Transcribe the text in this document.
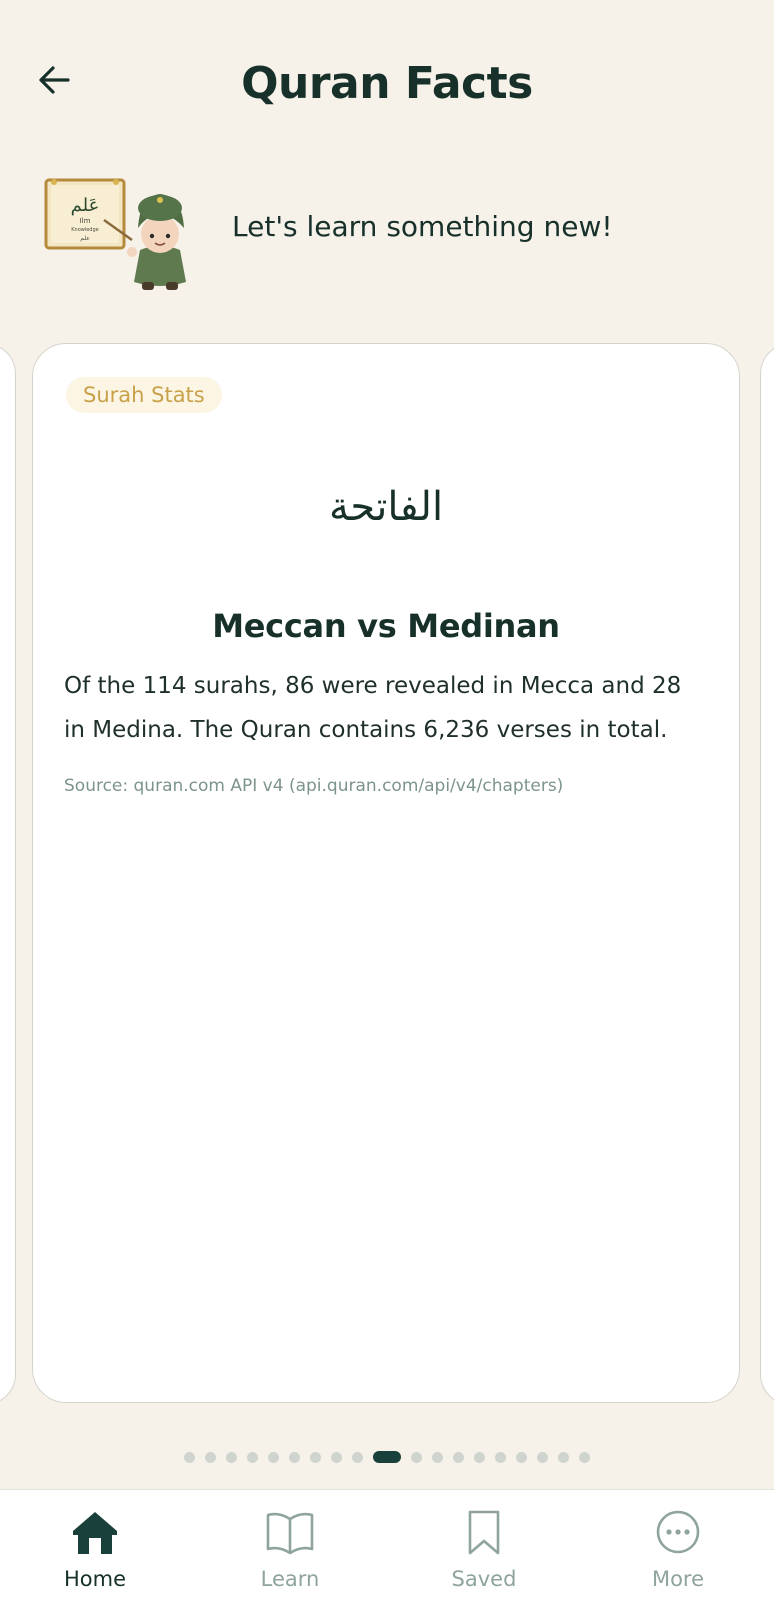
Quran Facts
عَلم
Ilm
Knowledge
علم	Let's learn something new!
Surah Stats
الفاتحة
Meccan vs Medinan
Of the 114 surahs, 86 were revealed in Mecca and 28 in Medina. The Quran contains 6,236 verses in total.
Source: quran.com API v4 (api.quran.com/api/v4/chapters)
Home	Learn	Saved	More
